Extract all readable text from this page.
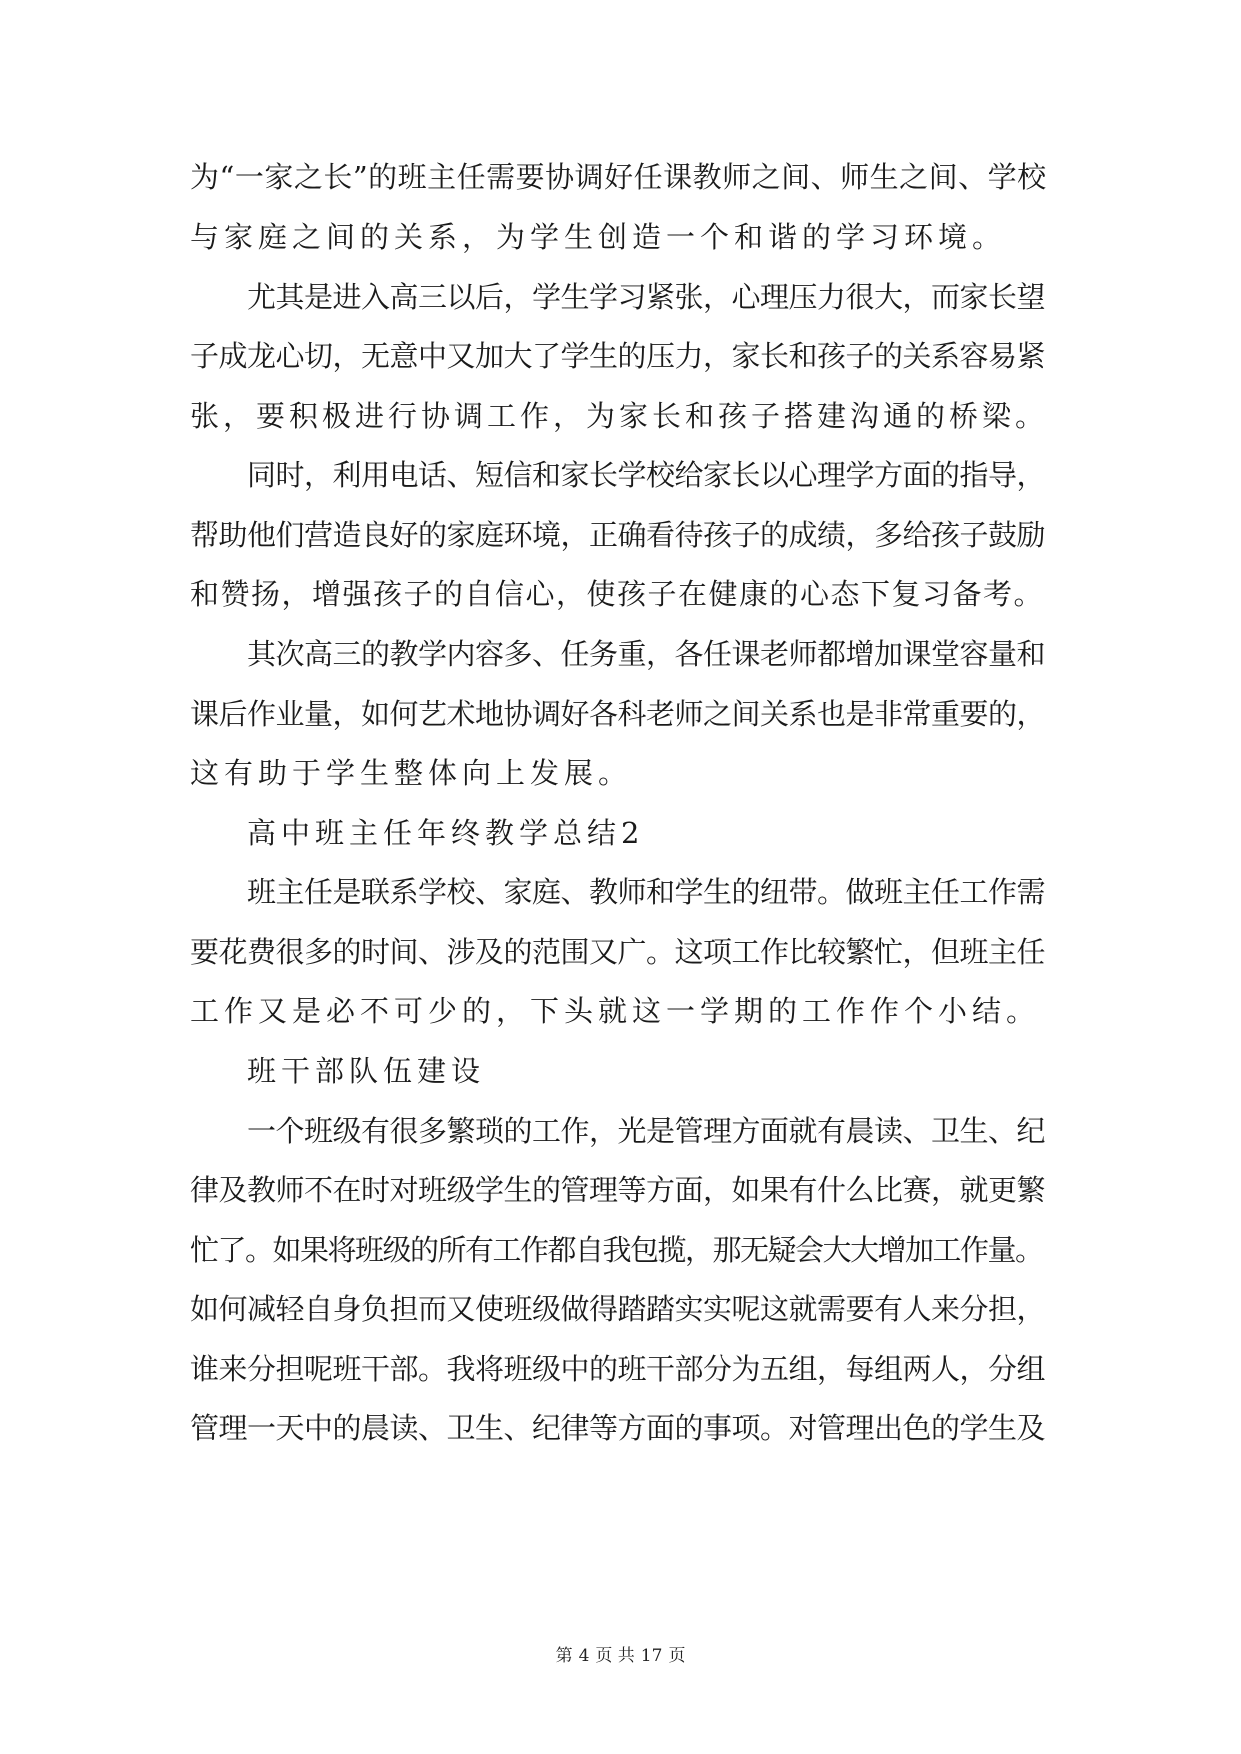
为“一家之长”的班主任需要协调好任课教师之间、师生之间、学校
与家庭之间的关系，为学生创造一个和谐的学习环境。
尤其是进入高三以后，学生学习紧张，心理压力很大，而家长望
子成龙心切，无意中又加大了学生的压力，家长和孩子的关系容易紧
张，要积极进行协调工作，为家长和孩子搭建沟通的桥梁。
同时，利用电话、短信和家长学校给家长以心理学方面的指导，
帮助他们营造良好的家庭环境，正确看待孩子的成绩，多给孩子鼓励
和赞扬，增强孩子的自信心，使孩子在健康的心态下复习备考。
其次高三的教学内容多、任务重，各任课老师都增加课堂容量和
课后作业量，如何艺术地协调好各科老师之间关系也是非常重要的，
这有助于学生整体向上发展。
高中班主任年终教学总结2
班主任是联系学校、家庭、教师和学生的纽带。做班主任工作需
要花费很多的时间、涉及的范围又广。这项工作比较繁忙，但班主任
工作又是必不可少的，下头就这一学期的工作作个小结。
班干部队伍建设
一个班级有很多繁琐的工作，光是管理方面就有晨读、卫生、纪
律及教师不在时对班级学生的管理等方面，如果有什么比赛，就更繁
忙了。如果将班级的所有工作都自我包揽，那无疑会大大增加工作量。
如何减轻自身负担而又使班级做得踏踏实实呢这就需要有人来分担，
谁来分担呢班干部。我将班级中的班干部分为五组，每组两人，分组
管理一天中的晨读、卫生、纪律等方面的事项。对管理出色的学生及
第 4 页 共 17 页
